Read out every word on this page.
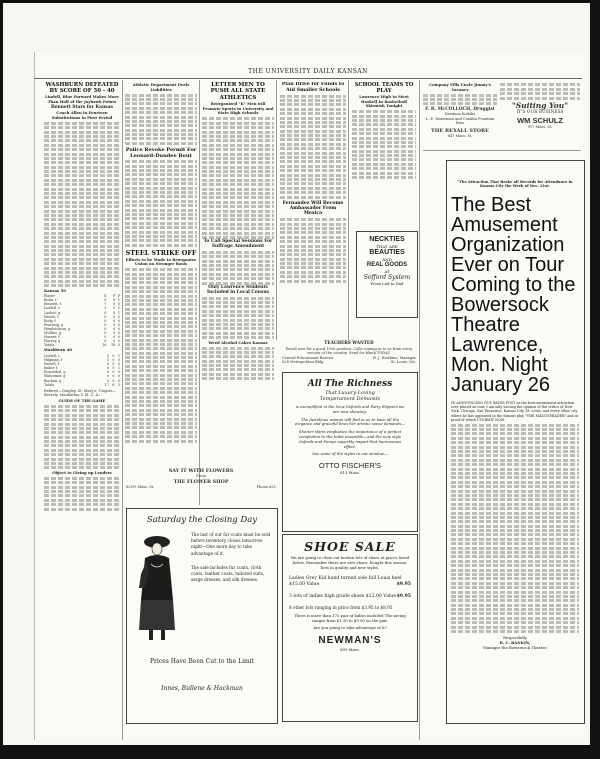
THE UNIVERSITY DAILY KANSAN
WASHBURN DEFEATED BY SCORE OF 50 - 40
Lindell, Blue Forward Makes More Than Half of the Jayhawk Points
Bennett Stars for Kansas
Coach Allen in Fourteen Substitutions in First Period
Kansas 50
Player	G	F	P
Bunn, f	0	0	1
Bennett, f	7	0	0
Lindell, c	3	0	1
Laslett, g	0	0	1
Woods, f	0	0	0
Rody, f	0	0	0
Pearring, g	0	0	0
Hendrickson, g	0	0	0
Mullins, g	0	0	0
Horner, f	0	0	0
Harvey, g	0	0	0
Totals	16	18	3
Washburn 40
Lindell, c	3	0	1
Hilgman, f	1	0	0
Farrell, f	0	0	0
Baker, f	0	0	1
Rosenthal, g	0	0	0
Elsheimer, g	0	0	0
Buchan, g	0	0	0
Totals	17	6	3
Referee—Quigley, St. Mary's; Umpire—Beverly, Manhattan Y. M. C. A.
GUIDE OF THE GAME
Object to Giving up Lenders
Athletic Department Deals Liabilities
Police Revoke Permit For Leonard-Dundee Bout
STEEL STRIKE OFF
Efforts to be Made to Reorganize Union on Stronger Basis
LETTER MEN TO PUSH ALL STATE ATHLETICS
Reorganized "K" Men will Promote Sports in University and State High Schools
To Call Special Sessions For Suffrage Amendment
Only Lawrence Students Included in Local Census
Weed Alcohol Cakes Kansas
Plan Drive for Funds to Aid Smaller Schools
Fernandez Will Become Ambassador From Mexico
SCHOOL TEAMS TO PLAY
Lawrence High to Meet Haskell In Basketball Skirmish Tonight
NECKTIES
THAT ARE
BEAUTIES
AND
REAL GOODS
AT
Sofford System
From Lad to Dad
TEACHERS WANTED
Enroll now for a good 1920 position. Calls coming in to us from every section of the country. Send for blank TODAY.
Central Educational Bureau
824 Metropolitan Bldg.
W. J. Hawkins, Manager
St. Louis, Mo.
All The Richness
That Luxury-Loving
Temperament Demands
is exemplified in the New Oxfords and Party Slippers we are now showing.
The fastidious woman will find in us to have all the elegance and graceful lines her artistic sense demands—
Shorter skirts emphasize the importance of a perfect completion to the toilet ensemble—and the new style Oxfords and Pumps superbly impart that harmonious effect.
See some of the styles in our window—
OTTO FISCHER'S
813 Mass.
SHOE SALE
We are going to close out broken lots of shoes at prices listed below. Remember these are new shoes, bought this season, best in quality and new styles.
Ladies Grey Kid hand turned sole full Louis heel $15.00 Value	$9.95
3 lots of ladies high grade shoes $12.00 Value $9.95
8 other lots ranging in price from $3.95 to $8.95
There is more than 175 pair of ladies included The saving ranges from $1.30 to $5.00 on the pair.
Are you going to take advantage of it?
NEWMAN'S
805 Mass.
SAY IT WITH FLOWERS
From
THE FLOWER SHOP
825½ Mass. St.	Phone 621
Saturday the Closing Day
The last of our fur coats must be sold before inventory closes tomorrow night—One more day to take advantage of it.
The sale includes fur coats, cloth coats, leather coats, tailored suits, serge dresses, and silk dresses.
Prices Have Been Cut to the Limit
Innes, Bullene & Hackman
Company Fills Uncle Jimmy's Vacancy
F. B. McCOLLOCH, Druggist
Eastman Kodaks
L. E. Waterman and Conklin Fountain Pens
THE REXALL STORE
847 Mass. St.
"Suiting You"
IT'S OUR BUSINESS
WM SCHULZ
917 Mass. St.
"The Attraction That Broke all Records for Attendance in Kansas City the Week of Dec. 21st.
The Best Amusement Organization Ever on Tour Coming to the Bowersock Theatre Lawrence, Mon. Night January 26
IN ANNOUNCING GUY BATES POST as the best amusement attraction ever placed on tour, I am only voicing the opinion of the critics of New York, Chicago, San Francisco, Kansas City, St. Louis, and every other city where he has appeared in the famous play "THE MASQUERADER" and in proof of which I SUBMIT NOW.
Respectfully
R. C. RANKIN,
Manager the Bowersock Theater.
